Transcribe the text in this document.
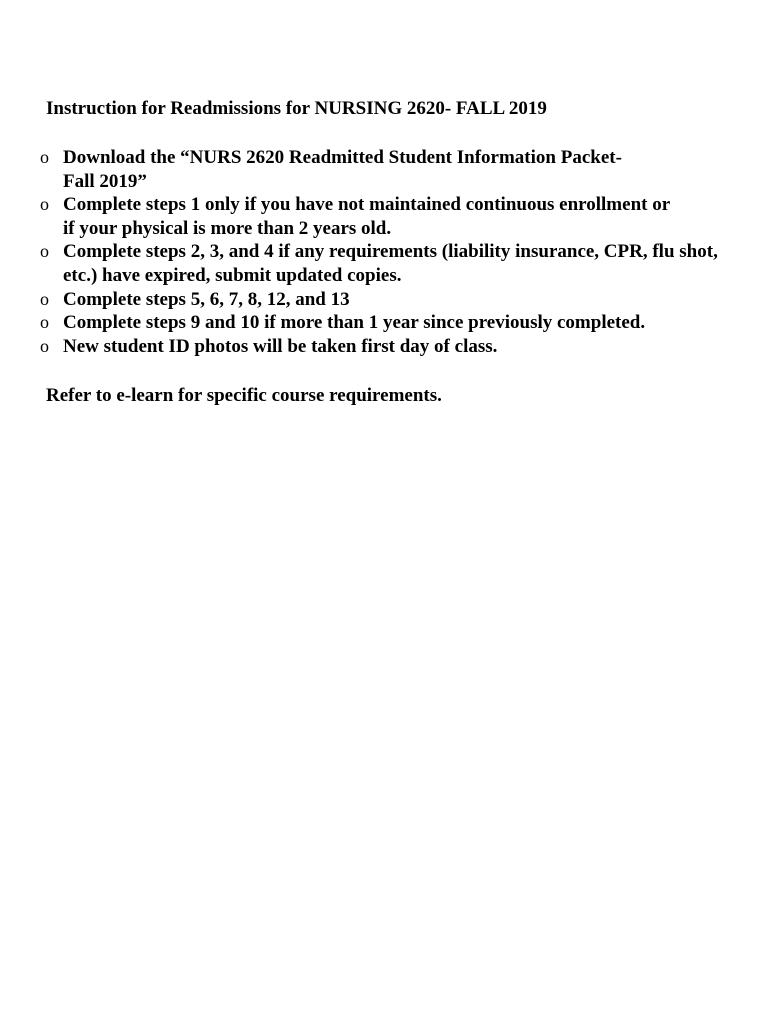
Instruction for Readmissions for NURSING 2620- FALL 2019
o Download the “NURS 2620 Readmitted Student Information Packet-
Fall 2019”
o Complete steps 1 only if you have not maintained continuous enrollment or
if your physical is more than 2 years old.
o Complete steps 2, 3, and 4 if any requirements (liability insurance, CPR, flu shot,
etc.) have expired, submit updated copies.
o Complete steps 5, 6, 7, 8, 12, and 13
o Complete steps 9 and 10 if more than 1 year since previously completed.
o New student ID photos will be taken first day of class.
Refer to e-learn for specific course requirements.
